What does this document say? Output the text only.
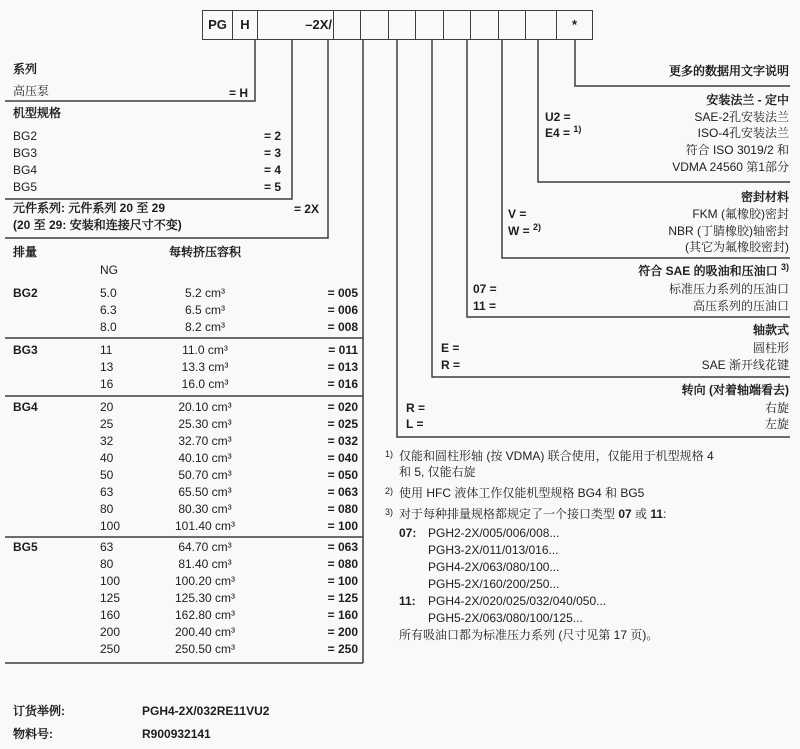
PG	H	–2X/	*
系列
高压泵	= H
机型规格
BG2	= 2
BG3	= 3
BG4	= 4
BG5	= 5
元件系列: 元件系列 20 至 29
(20 至 29: 安装和连接尺寸不变)
= 2X
排量	每转挤压容积
NG
BG2	5.0	5.2 cm³	= 005
6.3	6.5 cm³	= 006
8.0	8.2 cm³	= 008
BG3	11	11.0 cm³	= 011
13	13.3 cm³	= 013
16	16.0 cm³	= 016
BG4	20	20.10 cm³	= 020
25	25.30 cm³	= 025
32	32.70 cm³	= 032
40	40.10 cm³	= 040
50	50.70 cm³	= 050
63	65.50 cm³	= 063
80	80.30 cm³	= 080
100	101.40 cm³	= 100
BG5	63	64.70 cm³	= 063
80	81.40 cm³	= 080
100	100.20 cm³	= 100
125	125.30 cm³	= 125
160	162.80 cm³	= 160
200	200.40 cm³	= 200
250	250.50 cm³	= 250
更多的数据用文字说明
安装法兰 - 定中
U2 =	SAE-2孔安装法兰
E4 = $^{1)}$	ISO-4孔安装法兰
符合 ISO 3019/2 和
VDMA 24560 第1部分
密封材料
V =	FKM (氟橡胶)密封
W = $^{2)}$	NBR (丁腈橡胶)轴密封
(其它为氟橡胶密封)
符合 SAE 的吸油和压油口 $^{3)}$
07 =	标准压力系列的压油口
11 =	高压系列的压油口
轴款式
E =	圆柱形
R =	SAE 渐开线花键
转向 (对着轴端看去)
R =	右旋
L =	左旋
1) 仅能和圆柱形轴 (按 VDMA) 联合使用，仅能用于机型规格 4
和 5, 仅能右旋
2) 使用 HFC 液体工作仅能机型规格 BG4 和 BG5
3) 对于每种排量规格都规定了一个接口类型 07 或 11:
07: PGH2-2X/005/006/008...
PGH3-2X/011/013/016...
PGH4-2X/063/080/100...
PGH5-2X/160/200/250...
11: PGH4-2X/020/025/032/040/050...
PGH5-2X/063/080/100/125...
所有吸油口都为标准压力系列 (尺寸见第 17 页)。
订货举例:	PGH4-2X/032RE11VU2
物料号:	R900932141
